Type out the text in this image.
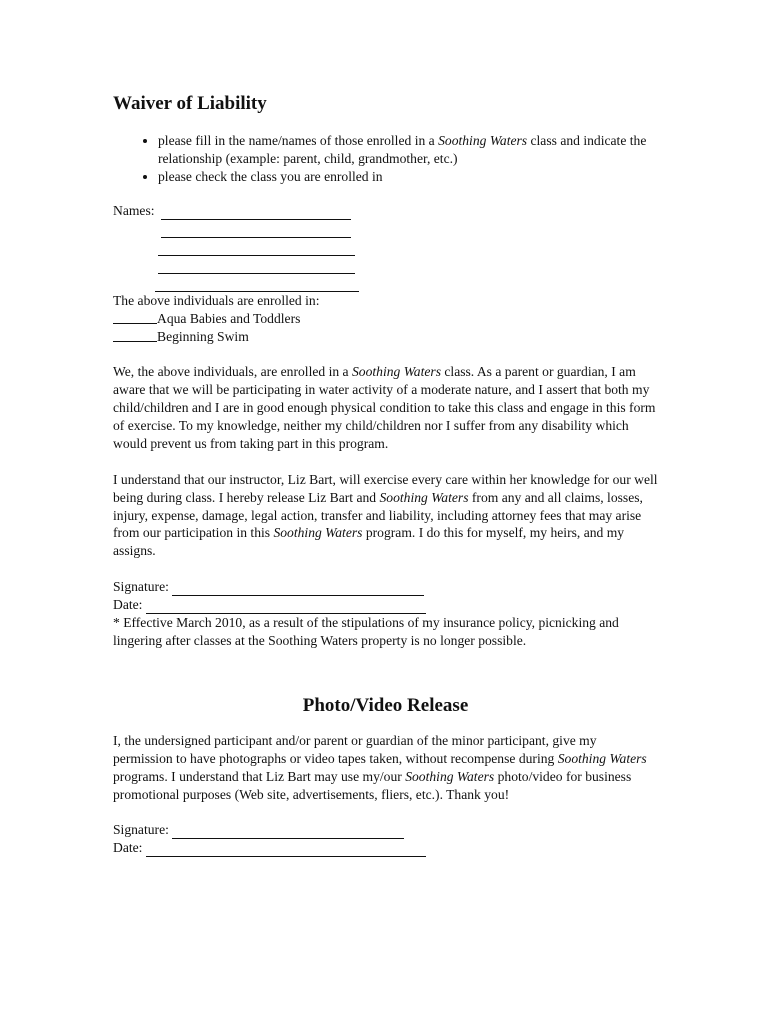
Waiver of Liability
• please fill in the name/names of those enrolled in a Soothing Waters class and indicate the relationship (example: parent, child, grandmother, etc.)
• please check the class you are enrolled in
Names:

The above individuals are enrolled in:

Aqua Babies and Toddlers
Beginning Swim

We, the above individuals, are enrolled in a Soothing Waters class. As a parent or guardian, I am aware that we will be participating in water activity of a moderate nature, and I assert that both my child/children and I are in good enough physical condition to take this class and engage in this form of exercise. To my knowledge, neither my child/children nor I suffer from any disability which would prevent us from taking part in this program.

I understand that our instructor, Liz Bart, will exercise every care within her knowledge for our well being during class. I hereby release Liz Bart and Soothing Waters from any and all claims, losses, injury, expense, damage, legal action, transfer and liability, including attorney fees that may arise from our participation in this Soothing Waters program. I do this for myself, my heirs, and my assigns.

Signature:

Date:

* Effective March 2010, as a result of the stipulations of my insurance policy, picnicking and lingering after classes at the Soothing Waters property is no longer possible.

Photo/Video Release

I, the undersigned participant and/or parent or guardian of the minor participant, give my permission to have photographs or video tapes taken, without recompense during Soothing Waters programs. I understand that Liz Bart may use my/our Soothing Waters photo/video for business promotional purposes (Web site, advertisements, fliers, etc.). Thank you!

Signature:

Date:
